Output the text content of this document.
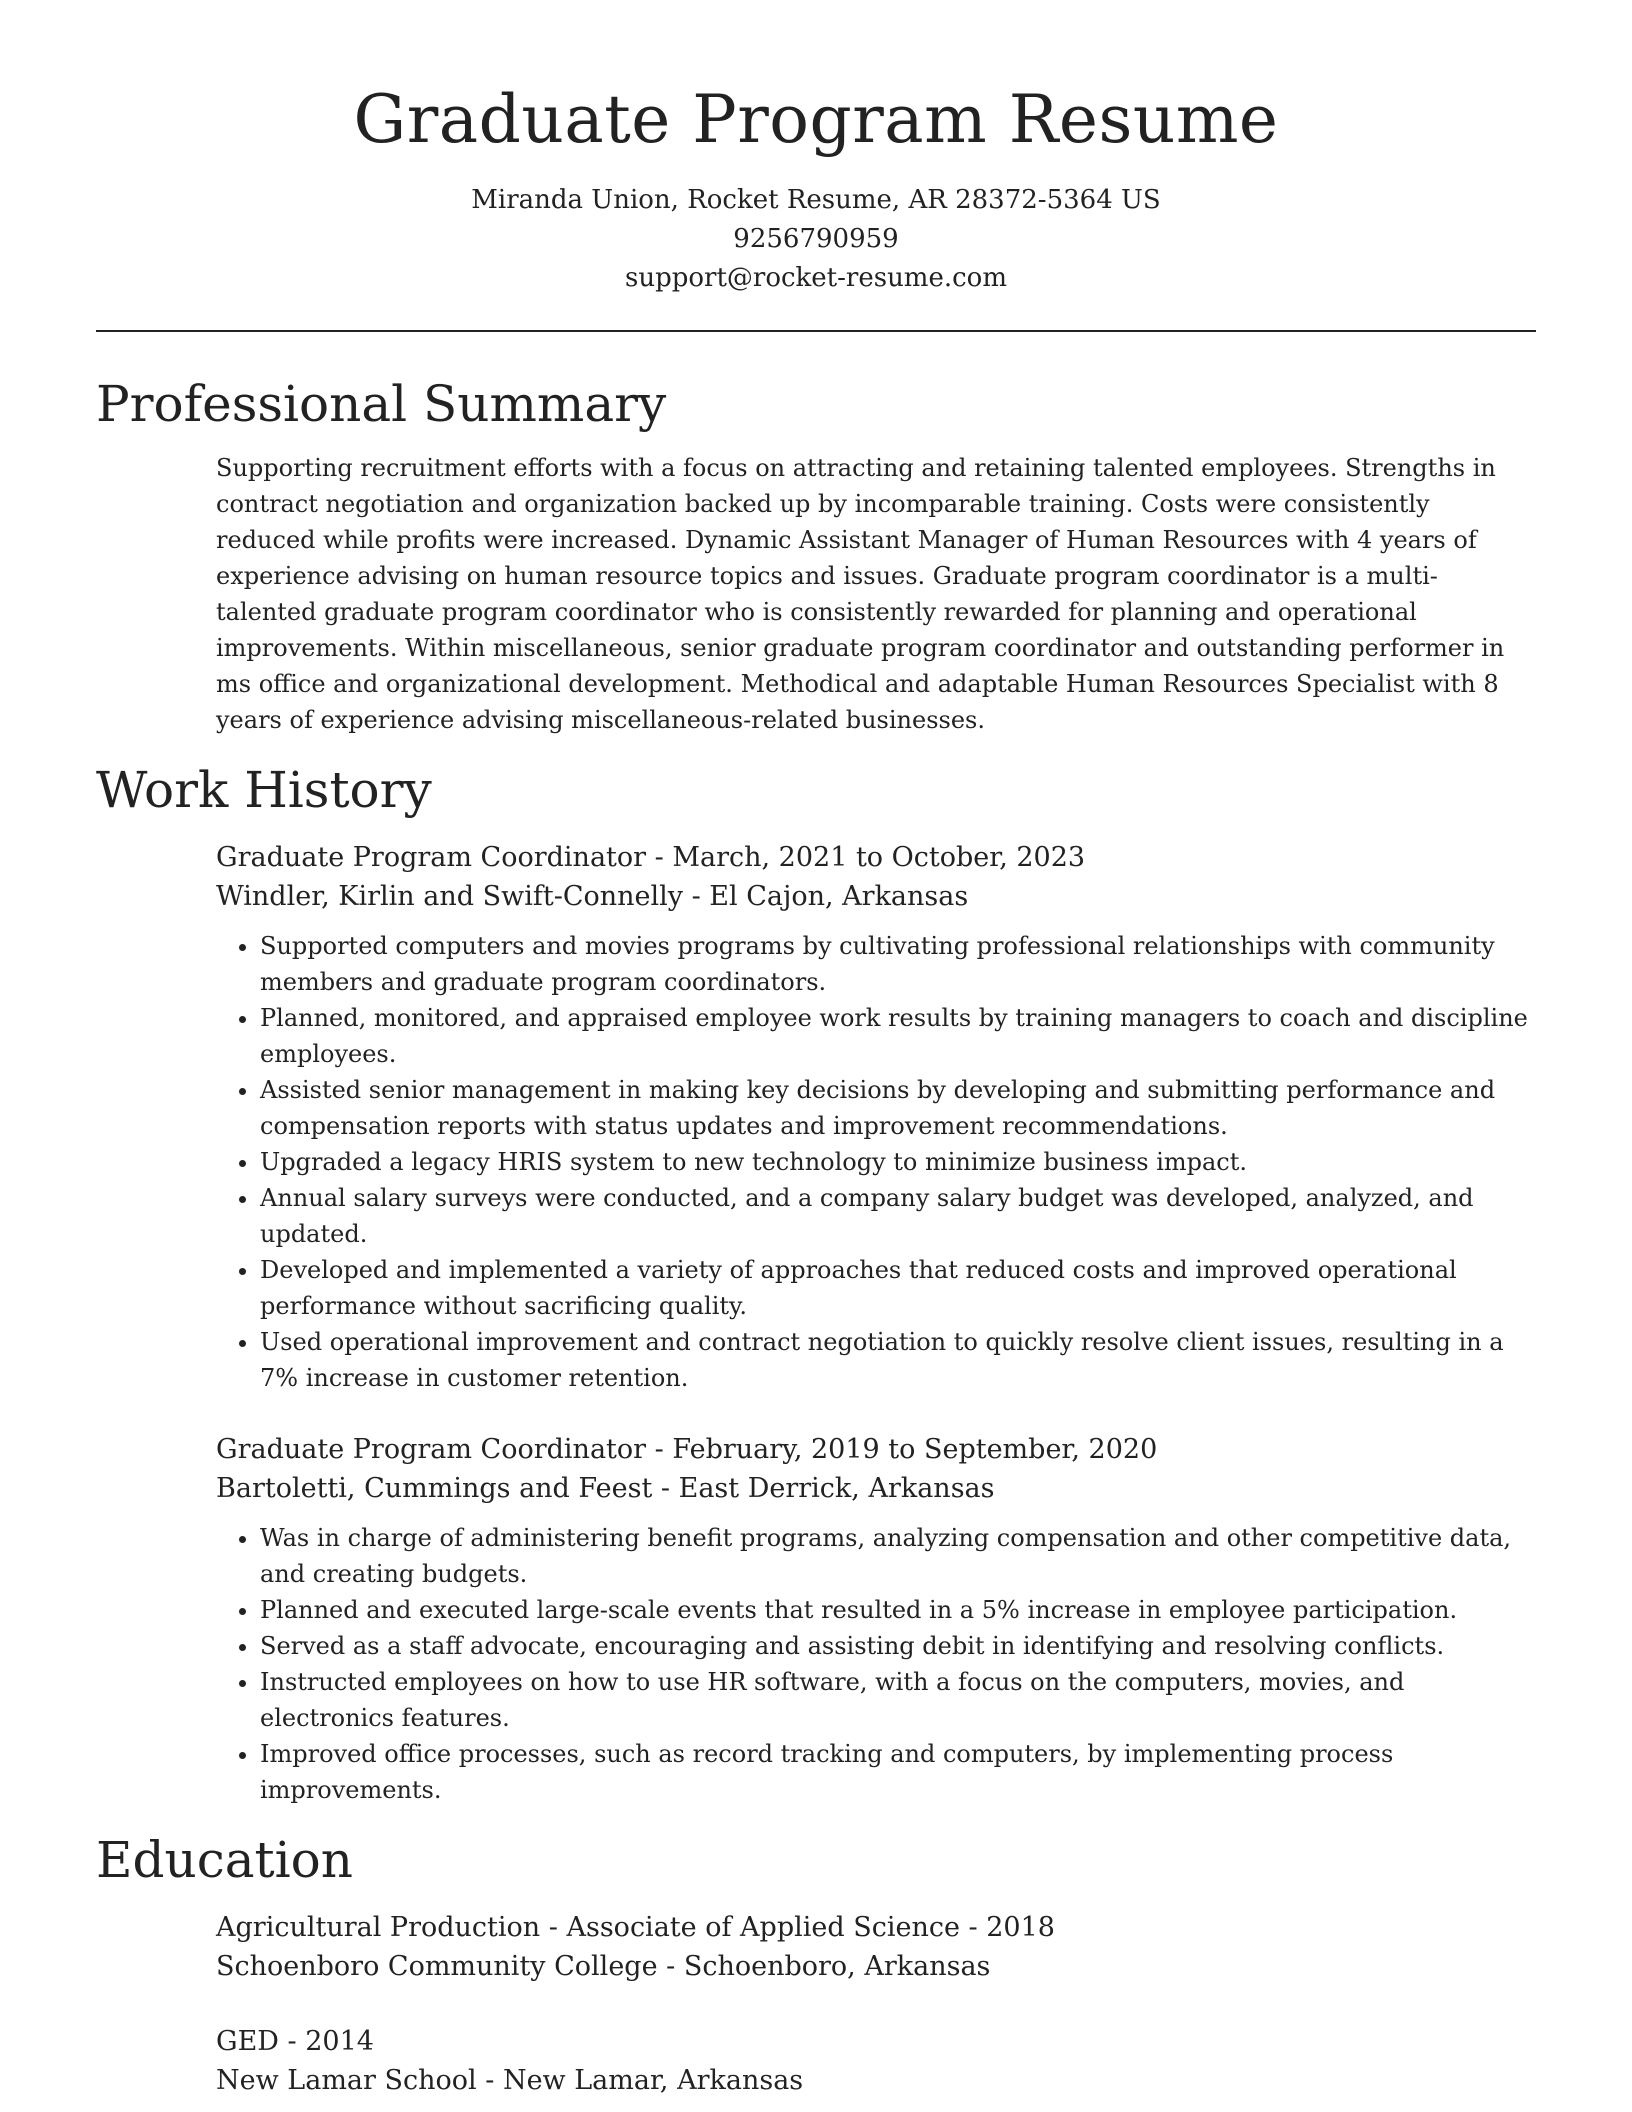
Graduate Program Resume
Miranda Union, Rocket Resume, AR 28372-5364 US
9256790959
support@rocket-resume.com
Professional Summary

Supporting recruitment efforts with a focus on attracting and retaining talented employees. Strengths in contract negotiation and organization backed up by incomparable training. Costs were consistently reduced while profits were increased. Dynamic Assistant Manager of Human Resources with 4 years of experience advising on human resource topics and issues. Graduate program coordinator is a multi-talented graduate program coordinator who is consistently rewarded for planning and operational improvements. Within miscellaneous, senior graduate program coordinator and outstanding performer in ms office and organizational development. Methodical and adaptable Human Resources Specialist with 8 years of experience advising miscellaneous-related businesses.

Work History
Graduate Program Coordinator - March, 2021 to October, 2023
Windler, Kirlin and Swift-Connelly - El Cajon, Arkansas
• Supported computers and movies programs by cultivating professional relationships with community members and graduate program coordinators.
• Planned, monitored, and appraised employee work results by training managers to coach and discipline employees.
• Assisted senior management in making key decisions by developing and submitting performance and compensation reports with status updates and improvement recommendations.
• Upgraded a legacy HRIS system to new technology to minimize business impact.
• Annual salary surveys were conducted, and a company salary budget was developed, analyzed, and updated.
• Developed and implemented a variety of approaches that reduced costs and improved operational performance without sacrificing quality.
• Used operational improvement and contract negotiation to quickly resolve client issues, resulting in a 7% increase in customer retention.
Graduate Program Coordinator - February, 2019 to September, 2020
Bartoletti, Cummings and Feest - East Derrick, Arkansas
• Was in charge of administering benefit programs, analyzing compensation and other competitive data, and creating budgets.
• Planned and executed large-scale events that resulted in a 5% increase in employee participation.
• Served as a staff advocate, encouraging and assisting debit in identifying and resolving conflicts.
• Instructed employees on how to use HR software, with a focus on the computers, movies, and electronics features.
• Improved office processes, such as record tracking and computers, by implementing process improvements.
Education
Agricultural Production - Associate of Applied Science - 2018
Schoenboro Community College - Schoenboro, Arkansas
GED - 2014
New Lamar School - New Lamar, Arkansas
